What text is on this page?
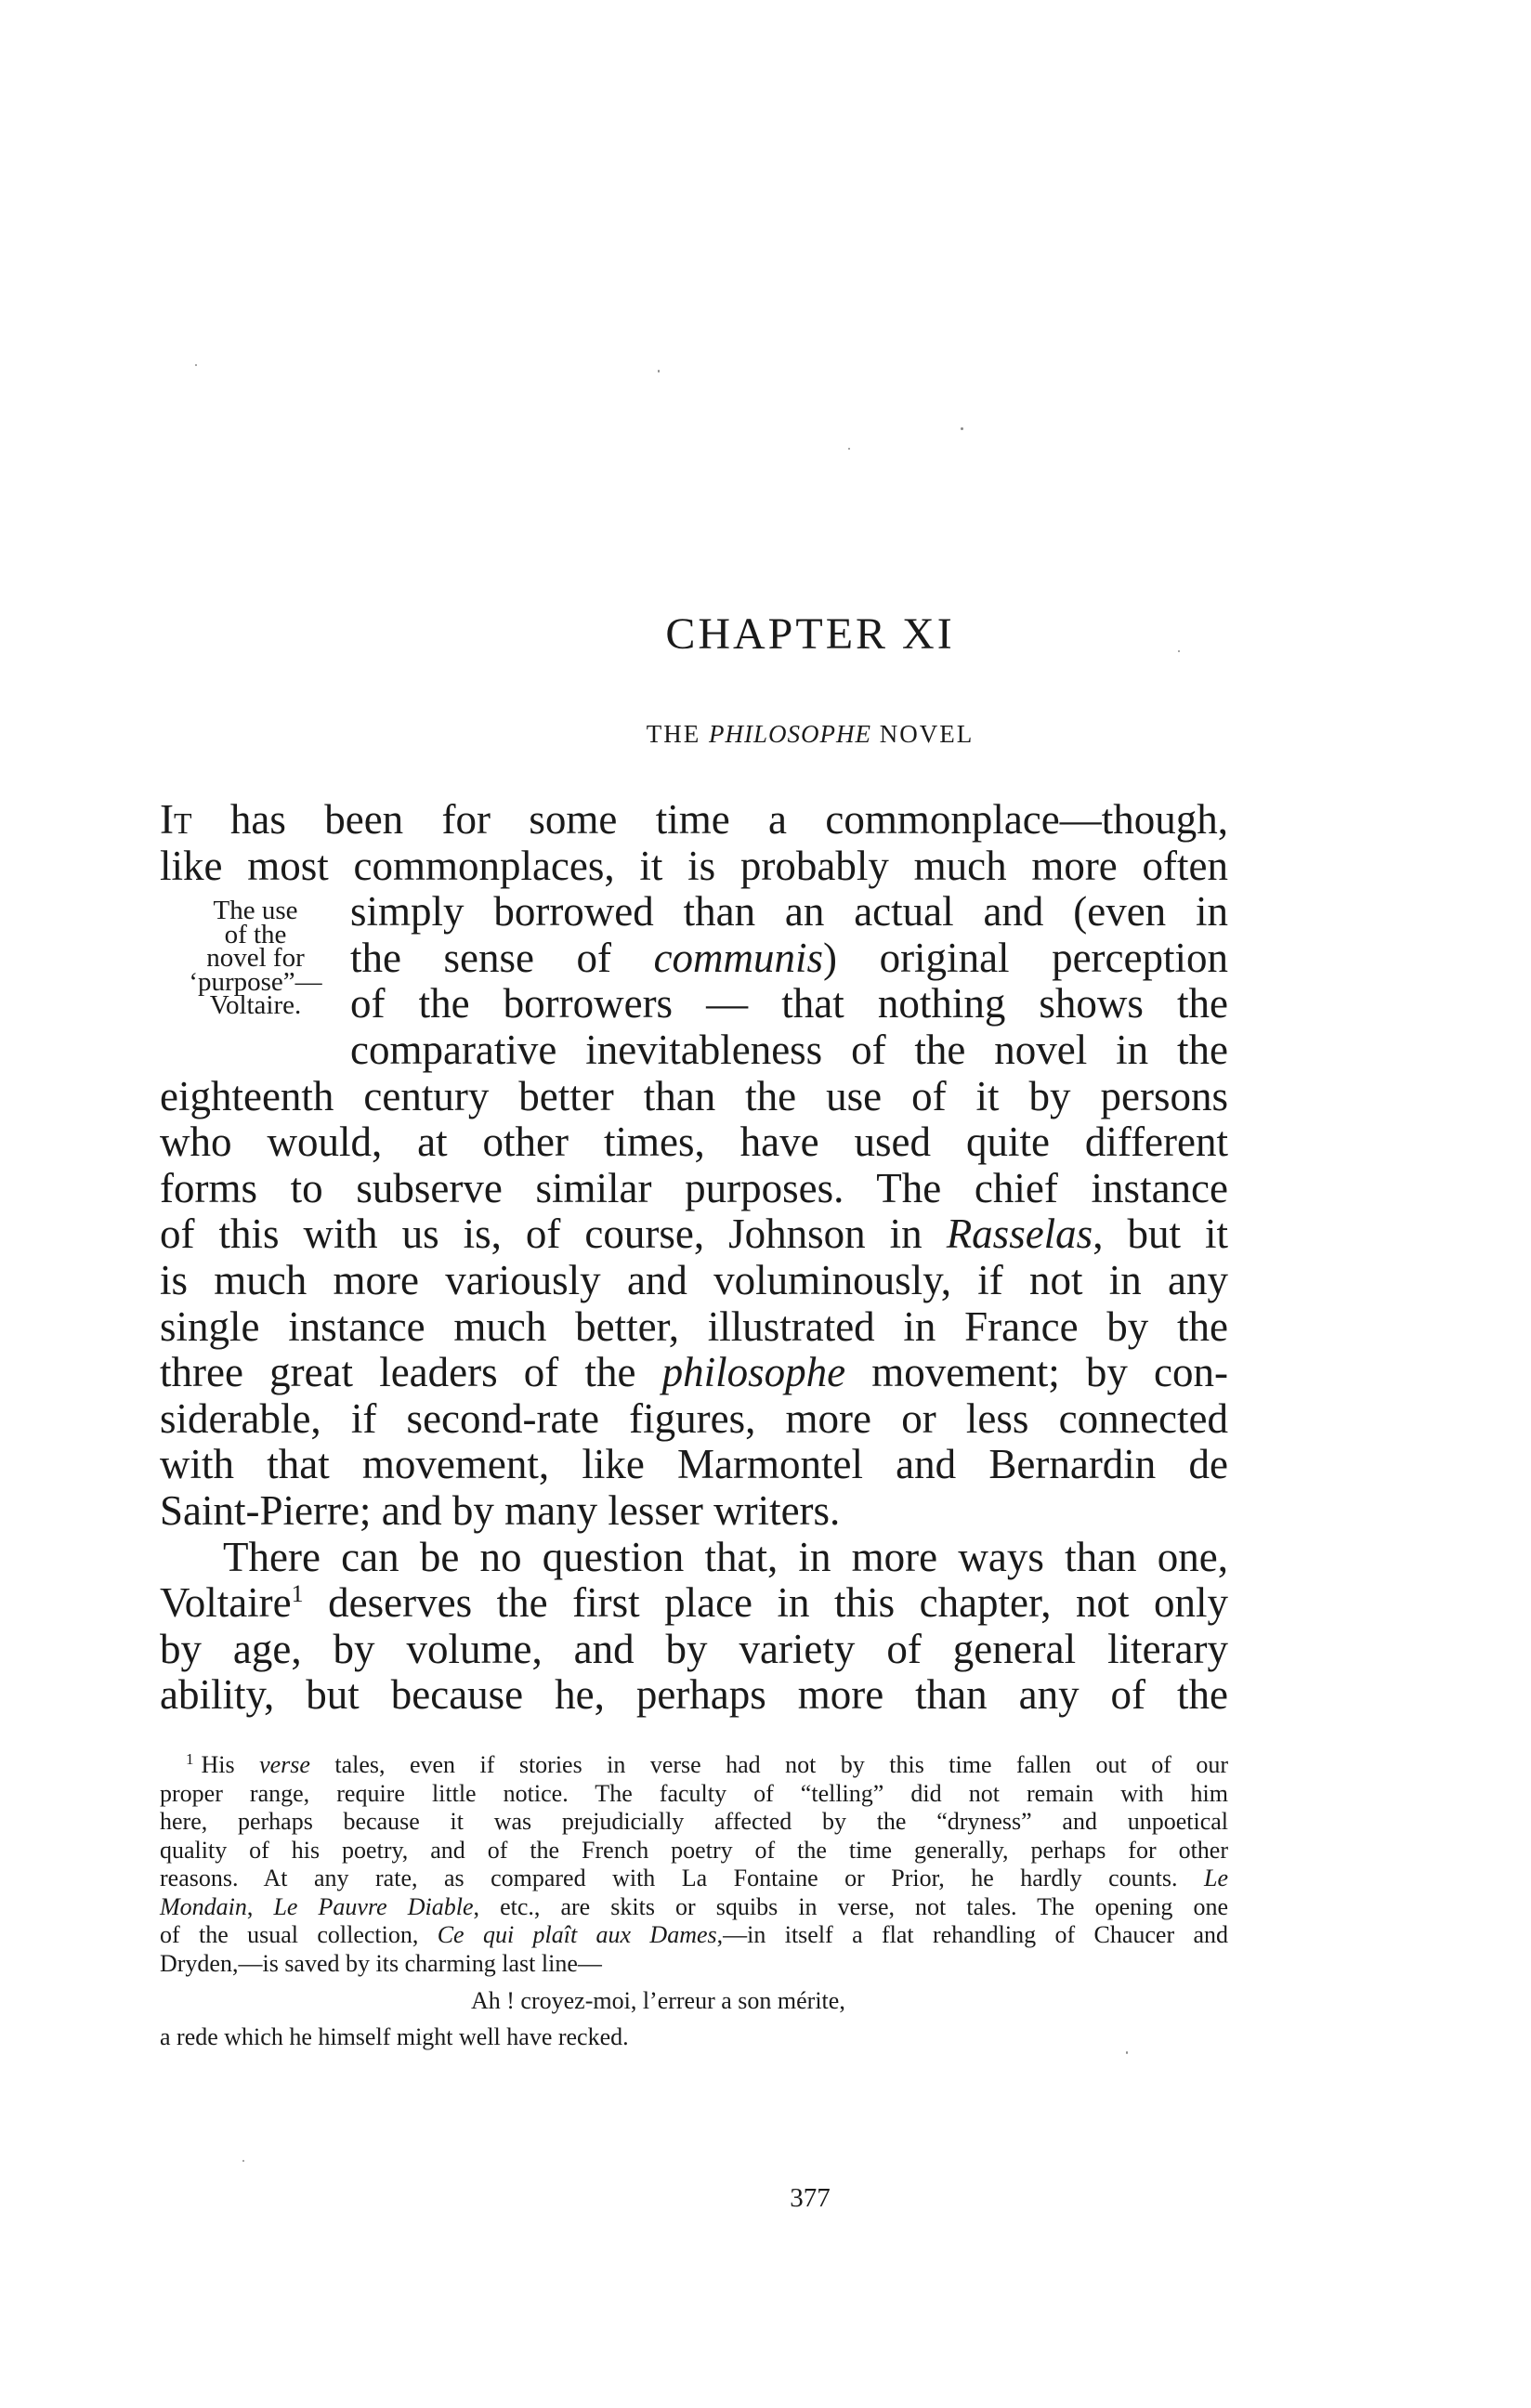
CHAPTER XI
THE PHILOSOPHE NOVEL
The use
of the
novel for
‘purpose”—
Voltaire.
It has been for some time a commonplace—though,
like most commonplaces, it is probably much more often
simply borrowed than an actual and (even in
the sense of communis) original perception
of the borrowers — that nothing shows the
comparative inevitableness of the novel in the
eighteenth century better than the use of it by persons
who would, at other times, have used quite different
forms to subserve similar purposes. The chief instance
of this with us is, of course, Johnson in Rasselas, but it
is much more variously and voluminously, if not in any
single instance much better, illustrated in France by the
three great leaders of the philosophe movement; by con-
siderable, if second-rate figures, more or less connected
with that movement, like Marmontel and Bernardin de
Saint-Pierre; and by many lesser writers.
There can be no question that, in more ways than one,
Voltaire$^1$ deserves the first place in this chapter, not only
by age, by volume, and by variety of general literary
ability, but because he, perhaps more than any of the
$^1$ His verse tales, even if stories in verse had not by this time fallen out of our
proper range, require little notice. The faculty of “telling” did not remain with him
here, perhaps because it was prejudicially affected by the “dryness” and unpoetical
quality of his poetry, and of the French poetry of the time generally, perhaps for other
reasons. At any rate, as compared with La Fontaine or Prior, he hardly counts. Le
Mondain, Le Pauvre Diable, etc., are skits or squibs in verse, not tales. The opening one
of the usual collection, Ce qui plaît aux Dames,—in itself a flat rehandling of Chaucer and
Dryden,—is saved by its charming last line—
Ah ! croyez-moi, l’erreur a son mérite,
a rede which he himself might well have recked.
377
